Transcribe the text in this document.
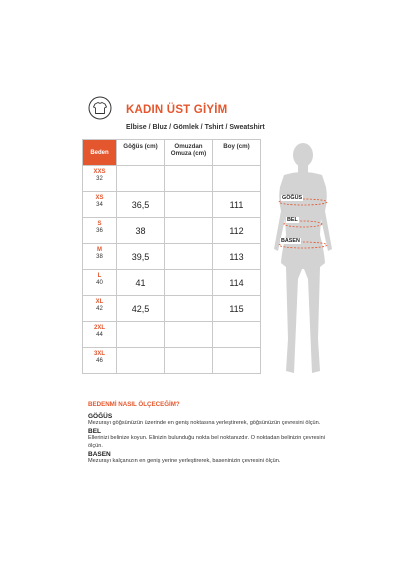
KADIN ÜST GİYİM
Elbise / Bluz / Gömlek / Tshirt / Sweatshirt
Beden	Göğüs (cm)	Omuzdan Omuza (cm)	Boy (cm)

XXS
32			

XS
34	36,5		111

S
36	38		112

M
38	39,5		113

L
40	41		114

XL
42	42,5		115

2XL
44			

3XL
46			

GÖĞÜS
BEL
BASEN
BEDENMİ NASIL ÖLÇECEĞİM?
GÖĞÜS
Mezurayı göğsünüzün üzerinde en geniş noktasına yerleştirerek, göğsünüzün çevresini ölçün.
BEL
Ellerinizi belinize koyun. Elinizin bulunduğu nokta bel noktanızdır. O noktadan belinizin çevresini ölçün.
BASEN
Mezurayı kalçanızın en geniş yerine yerleştirerek, baseninizin çevresini ölçün.
